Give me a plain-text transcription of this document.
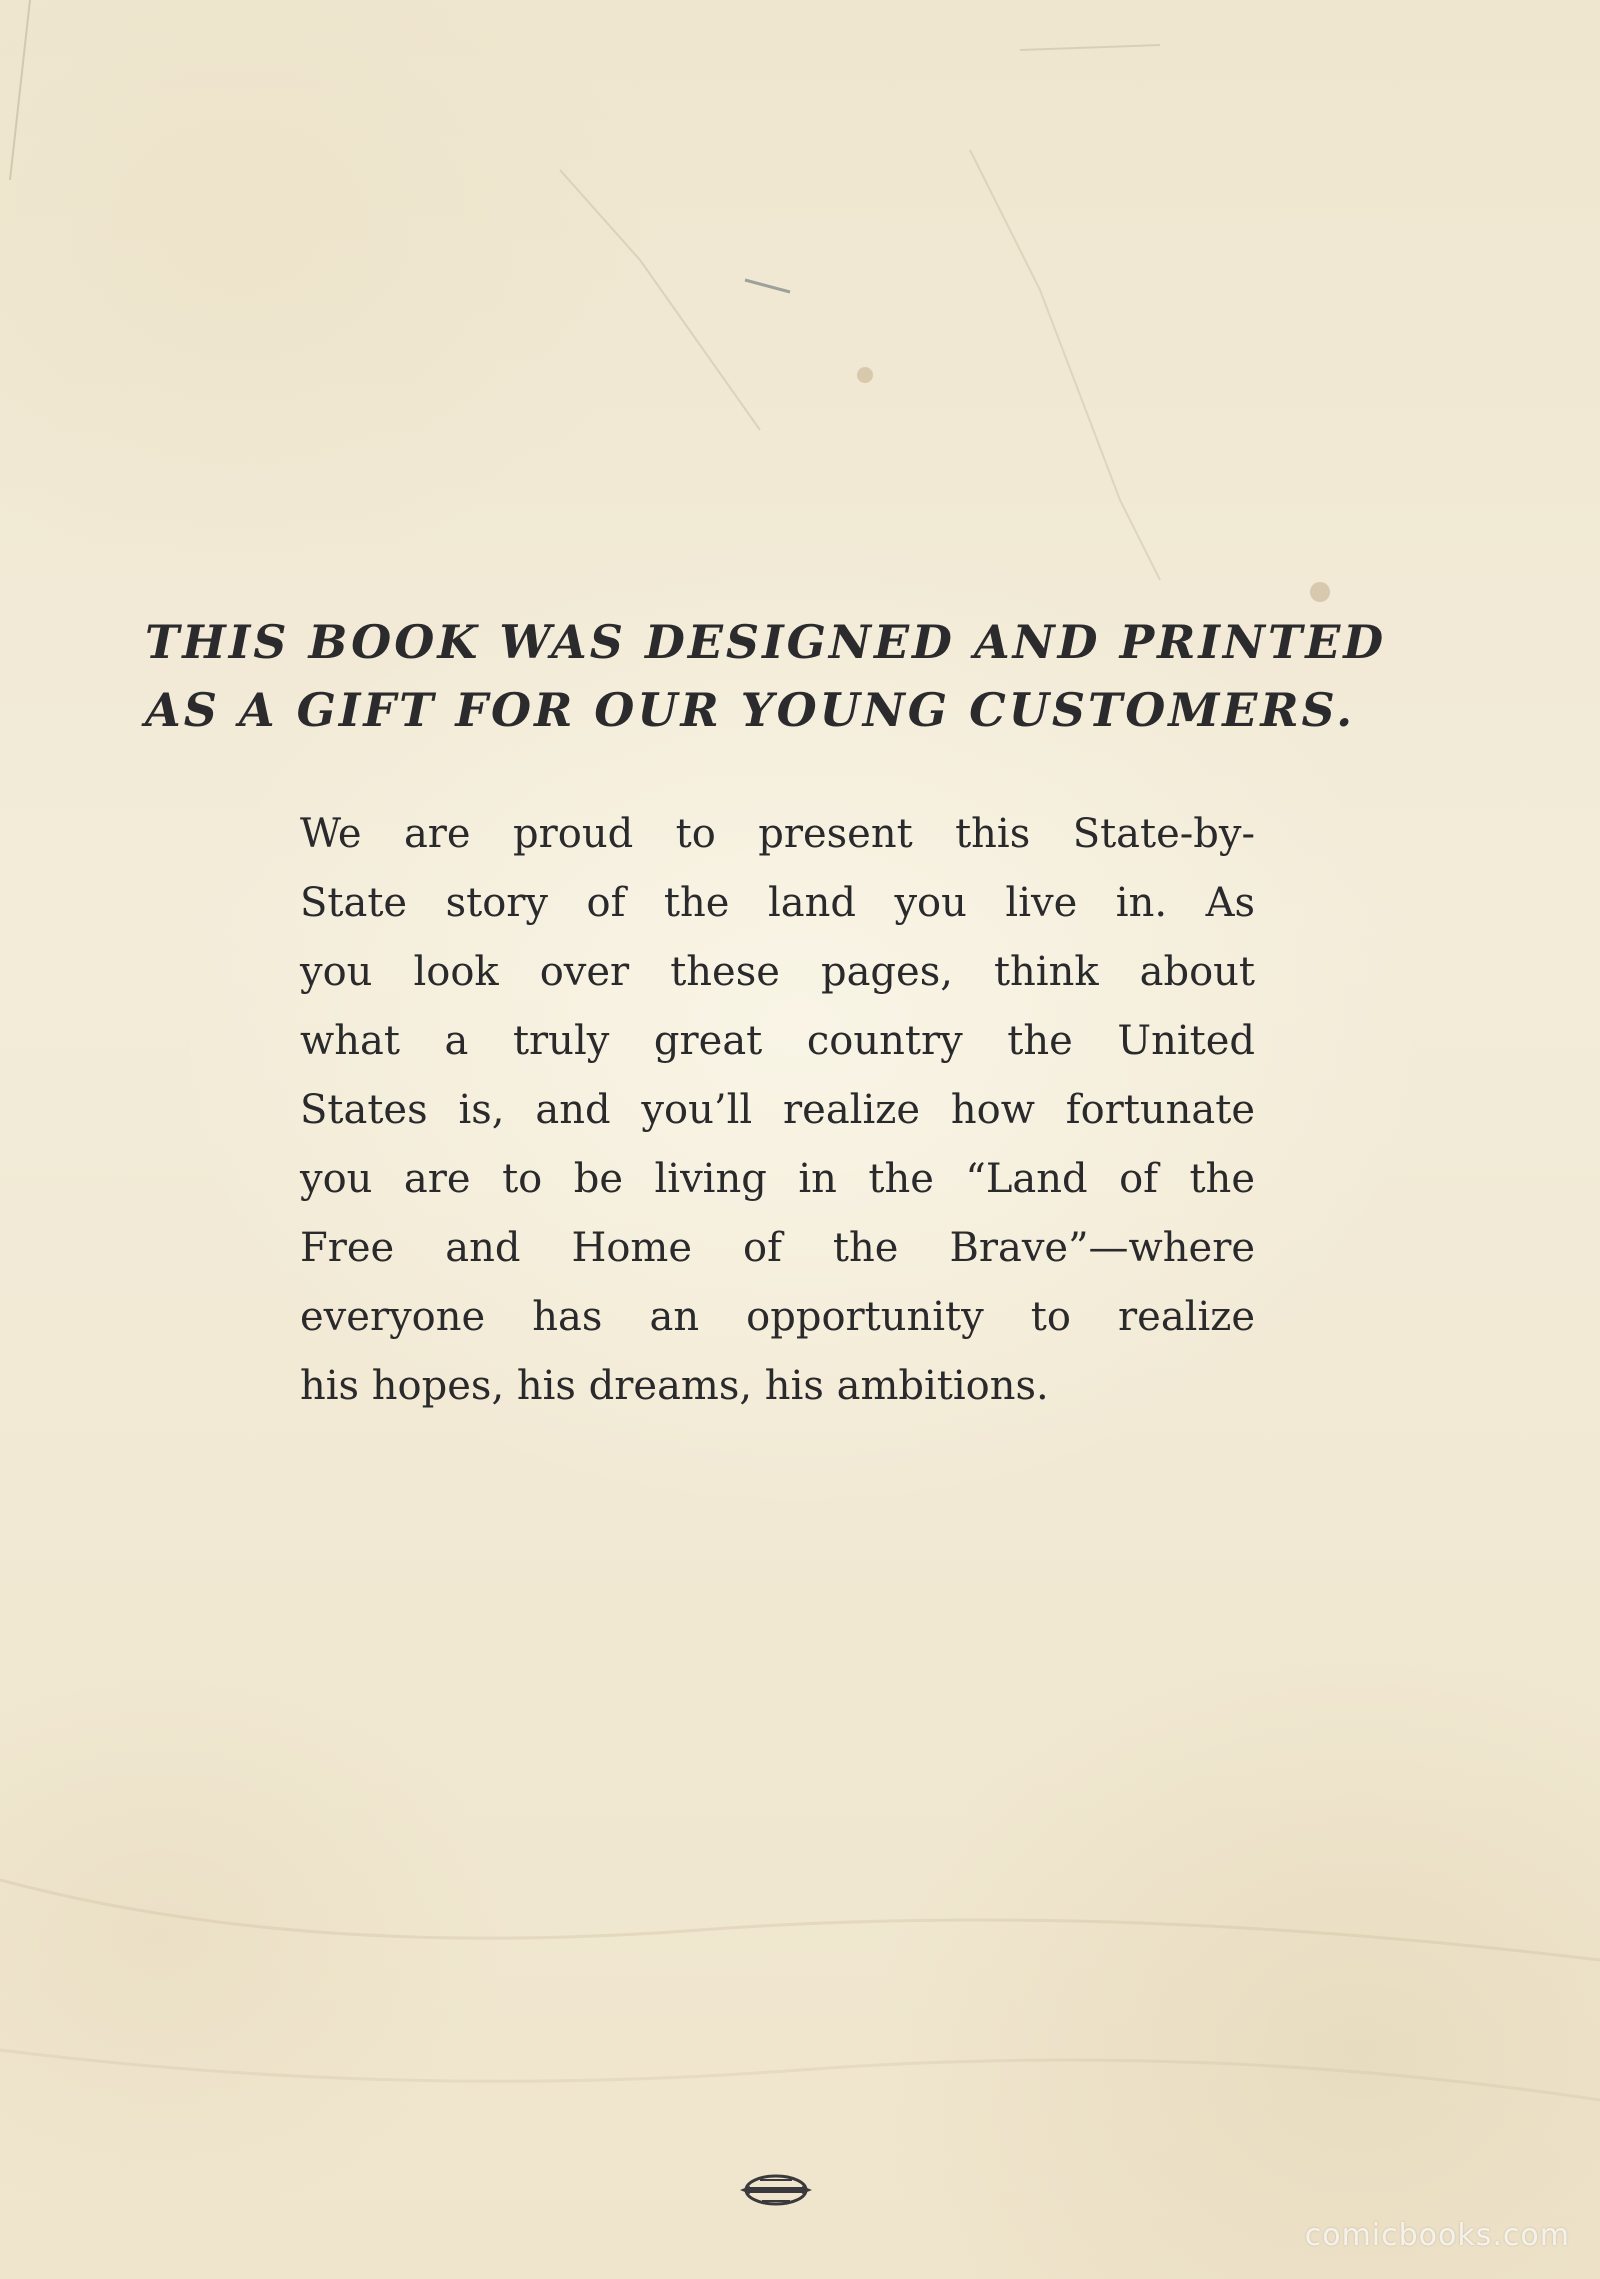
THIS BOOK WAS DESIGNED AND PRINTED
AS A GIFT FOR OUR YOUNG CUSTOMERS.

We are proud to present this State-by-
State story of the land you live in. As
you look over these pages, think about
what a truly great country the United
States is, and you’ll realize how fortunate
you are to be living in the “Land of the
Free and Home of the Brave”—where
everyone has an opportunity to realize
his hopes, his dreams, his ambitions.

comicbooks.com
